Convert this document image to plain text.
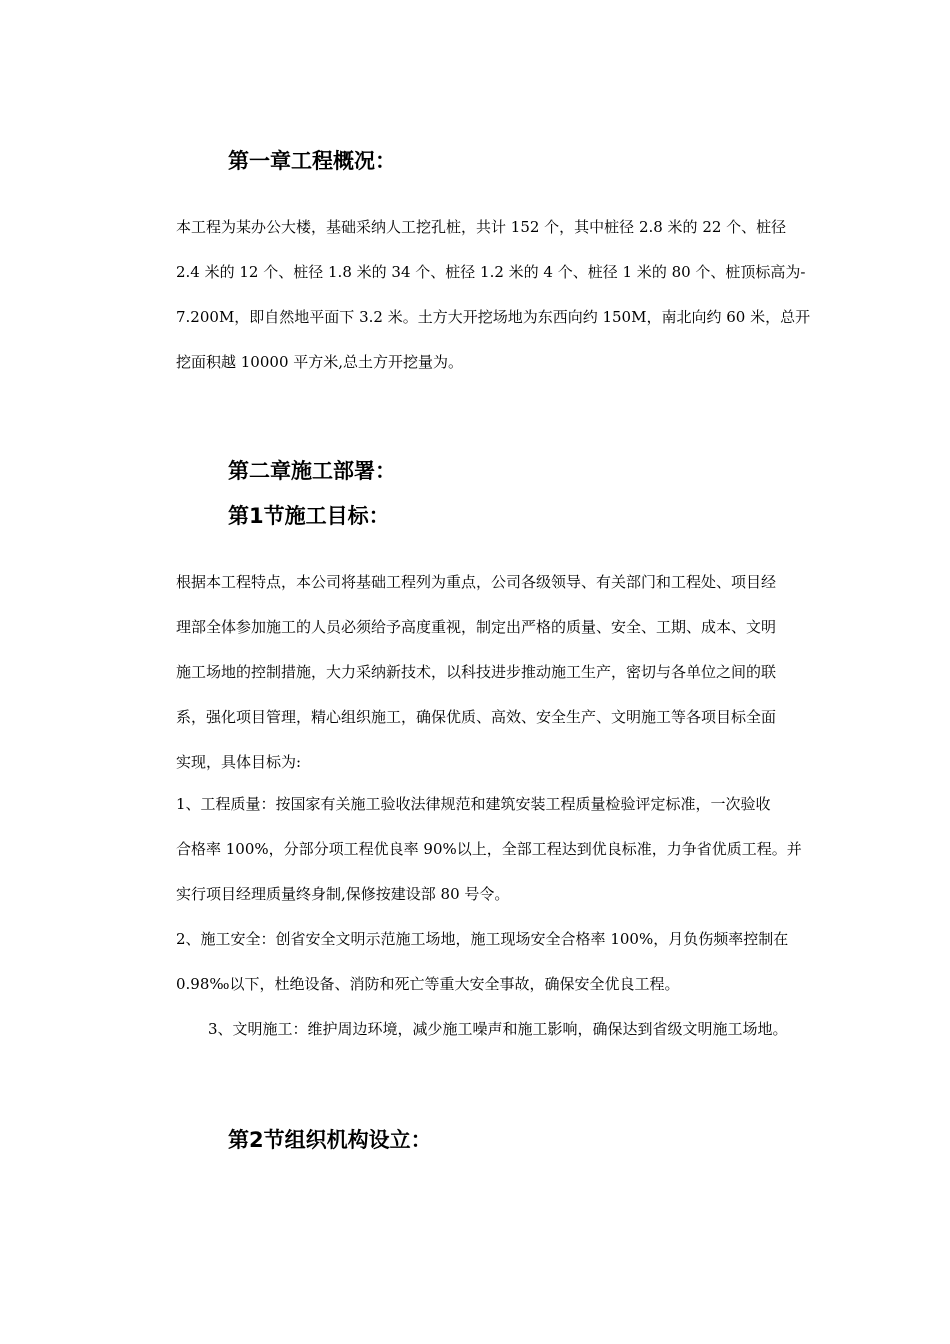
第一章工程概况：
本工程为某办公大楼，基础采纳人工挖孔桩，共计 152 个，其中桩径 2.8 米的 22 个、桩径
2.4 米的 12 个、桩径 1.8 米的 34 个、桩径 1.2 米的 4 个、桩径 1 米的 80 个、桩顶标高为-
7.200M，即自然地平面下 3.2 米。土方大开挖场地为东西向约 150M，南北向约 60 米，总开
挖面积越 10000 平方米,总土方开挖量为。
第二章施工部署：
第1节施工目标：
根据本工程特点，本公司将基础工程列为重点，公司各级领导、有关部门和工程处、项目经
理部全体参加施工的人员必须给予高度重视，制定出严格的质量、安全、工期、成本、文明
施工场地的控制措施，大力采纳新技术，以科技进步推动施工生产，密切与各单位之间的联
系，强化项目管理，精心组织施工，确保优质、高效、安全生产、文明施工等各项目标全面
实现，具体目标为:
1、工程质量：按国家有关施工验收法律规范和建筑安装工程质量检验评定标准，一次验收
合格率 100%，分部分项工程优良率 90%以上，全部工程达到优良标准，力争省优质工程。并
实行项目经理质量终身制,保修按建设部 80 号令。
2、施工安全：创省安全文明示范施工场地，施工现场安全合格率 100%，月负伤频率控制在
0.98‰以下，杜绝设备、消防和死亡等重大安全事故，确保安全优良工程。
3、文明施工：维护周边环境，减少施工噪声和施工影响，确保达到省级文明施工场地。
第2节组织机构设立：
